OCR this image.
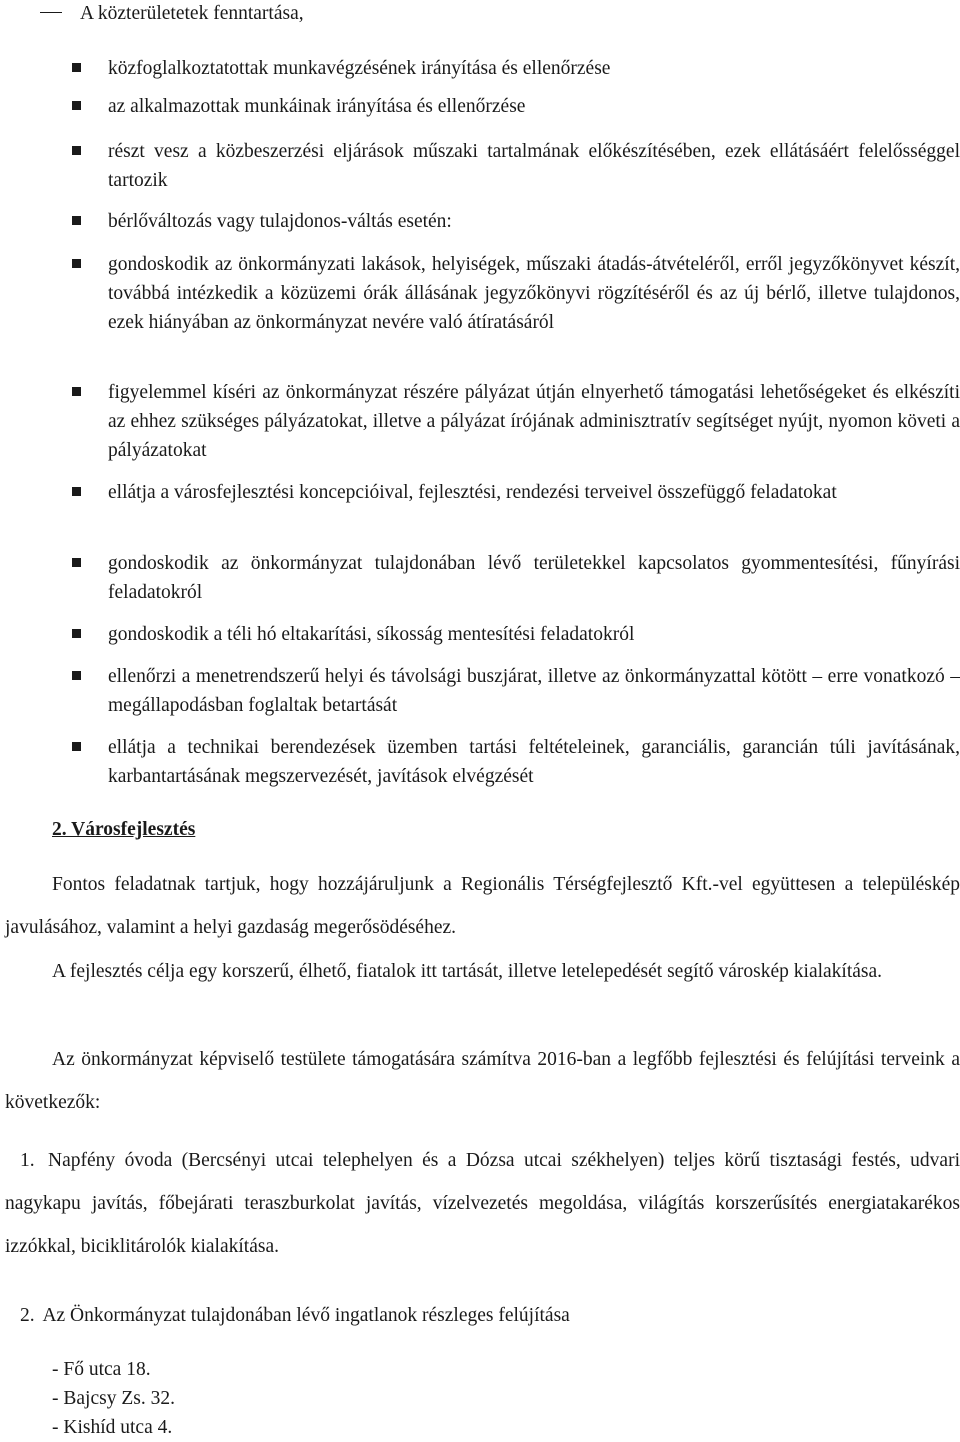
A közterületetek fenntartása,
közfoglalkoztatottak munkavégzésének irányítása és ellenőrzése
az alkalmazottak munkáinak irányítása és ellenőrzése
részt vesz a közbeszerzési eljárások műszaki tartalmának előkészítésében, ezek ellátásáért felelősséggel tartozik
bérlőváltozás vagy tulajdonos-váltás esetén:
gondoskodik az önkormányzati lakások, helyiségek, műszaki átadás-átvételéről, erről jegyzőkönyvet készít, továbbá intézkedik a közüzemi órák állásának jegyzőkönyvi rögzítéséről és az új bérlő, illetve tulajdonos, ezek hiányában az önkormányzat nevére való átíratásáról
figyelemmel kíséri az önkormányzat részére pályázat útján elnyerhető támogatási lehetőségeket és elkészíti az ehhez szükséges pályázatokat, illetve a pályázat írójának adminisztratív segítséget nyújt, nyomon követi a pályázatokat
ellátja a városfejlesztési koncepcióival, fejlesztési, rendezési terveivel összefüggő feladatokat
gondoskodik az önkormányzat tulajdonában lévő területekkel kapcsolatos gyommentesítési, fűnyírási feladatokról
gondoskodik a téli hó eltakarítási, síkosság mentesítési feladatokról
ellenőrzi a menetrendszerű helyi és távolsági buszjárat, illetve az önkormányzattal kötött – erre vonatkozó – megállapodásban foglaltak betartását
ellátja a technikai berendezések üzemben tartási feltételeinek, garanciális, garancián túli javításának, karbantartásának megszervezését, javítások elvégzését
2. Városfejlesztés
Fontos feladatnak tartjuk, hogy hozzájáruljunk a Regionális Térségfejlesztő Kft.-vel együttesen a településkép javulásához, valamint a helyi gazdaság megerősödéséhez.
A fejlesztés célja egy korszerű, élhető, fiatalok itt tartását, illetve letelepedését segítő városkép kialakítása.
Az önkormányzat képviselő testülete támogatására számítva 2016-ban a legfőbb fejlesztési és felújítási terveink a következők:
1. Napfény óvoda (Bercsényi utcai telephelyen és a Dózsa utcai székhelyen) teljes körű tisztasági festés, udvari nagykapu javítás, főbejárati teraszburkolat javítás, vízelvezetés megoldása, világítás korszerűsítés energiatakarékos izzókkal, biciklitárolók kialakítása.
2. Az Önkormányzat tulajdonában lévő ingatlanok részleges felújítása
- Fő utca 18.
- Bajcsy Zs. 32.
- Kishíd utca 4.
